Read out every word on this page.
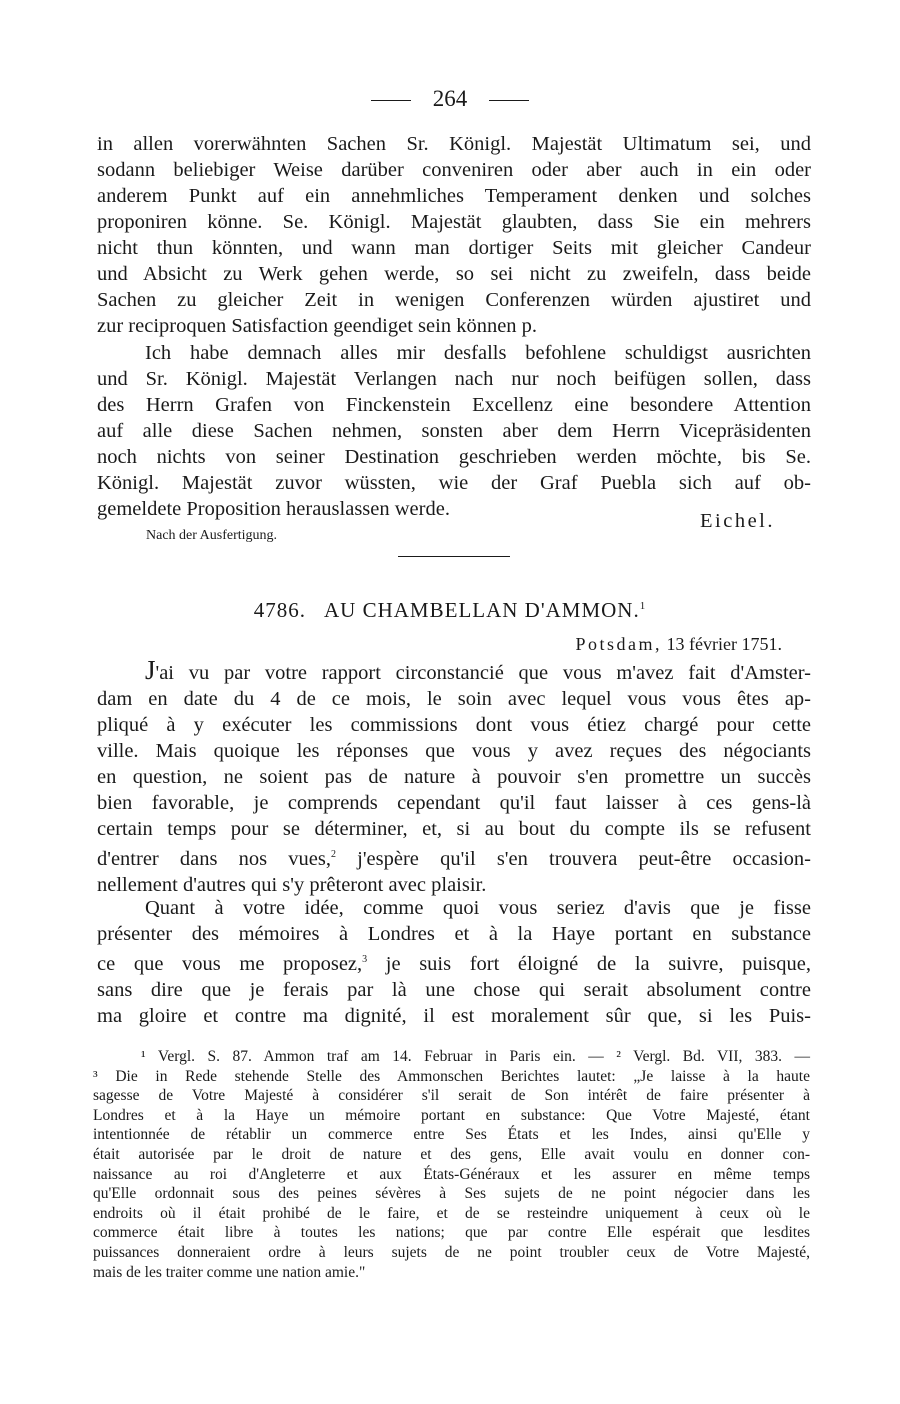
264
in allen vorerwähnten Sachen Sr. Königl. Majestät Ultimatum sei, und
sodann beliebiger Weise darüber conveniren oder aber auch in ein oder
anderem Punkt auf ein annehmliches Temperament denken und solches
proponiren könne. Se. Königl. Majestät glaubten, dass Sie ein mehrers
nicht thun könnten, und wann man dortiger Seits mit gleicher Candeur
und Absicht zu Werk gehen werde, so sei nicht zu zweifeln, dass beide
Sachen zu gleicher Zeit in wenigen Conferenzen würden ajustiret und
zur reciproquen Satisfaction geendiget sein können p.
Ich habe demnach alles mir desfalls befohlene schuldigst ausrichten
und Sr. Königl. Majestät Verlangen nach nur noch beifügen sollen, dass
des Herrn Grafen von Finckenstein Excellenz eine besondere Attention
auf alle diese Sachen nehmen, sonsten aber dem Herrn Vicepräsidenten
noch nichts von seiner Destination geschrieben werden möchte, bis Se.
Königl. Majestät zuvor wüssten, wie der Graf Puebla sich auf ob-
gemeldete Proposition herauslassen werde.
Eichel.
Nach der Ausfertigung.
4786. AU CHAMBELLAN D'AMMON.$^1$
Potsdam, 13 février 1751.
J'ai vu par votre rapport circonstancié que vous m'avez fait d'Amster-
dam en date du 4 de ce mois, le soin avec lequel vous vous êtes ap-
pliqué à y exécuter les commissions dont vous étiez chargé pour cette
ville. Mais quoique les réponses que vous y avez reçues des négociants
en question, ne soient pas de nature à pouvoir s'en promettre un succès
bien favorable, je comprends cependant qu'il faut laisser à ces gens-là
certain temps pour se déterminer, et, si au bout du compte ils se refusent
d'entrer dans nos vues,$^2$ j'espère qu'il s'en trouvera peut-être occasion-
nellement d'autres qui s'y prêteront avec plaisir.
Quant à votre idée, comme quoi vous seriez d'avis que je fisse
présenter des mémoires à Londres et à la Haye portant en substance
ce que vous me proposez,$^3$ je suis fort éloigné de la suivre, puisque,
sans dire que je ferais par là une chose qui serait absolument contre
ma gloire et contre ma dignité, il est moralement sûr que, si les Puis-
¹ Vergl. S. 87. Ammon traf am 14. Februar in Paris ein. — ² Vergl. Bd. VII, 383. —
³ Die in Rede stehende Stelle des Ammonschen Berichtes lautet: „Je laisse à la haute
sagesse de Votre Majesté à considérer s'il serait de Son intérêt de faire présenter à
Londres et à la Haye un mémoire portant en substance: Que Votre Majesté, étant
intentionnée de rétablir un commerce entre Ses États et les Indes, ainsi qu'Elle y
était autorisée par le droit de nature et des gens, Elle avait voulu en donner con-
naissance au roi d'Angleterre et aux États-Généraux et les assurer en même temps
qu'Elle ordonnait sous des peines sévères à Ses sujets de ne point négocier dans les
endroits où il était prohibé de le faire, et de se resteindre uniquement à ceux où le
commerce était libre à toutes les nations; que par contre Elle espérait que lesdites
puissances donneraient ordre à leurs sujets de ne point troubler ceux de Votre Majesté,
mais de les traiter comme une nation amie."
